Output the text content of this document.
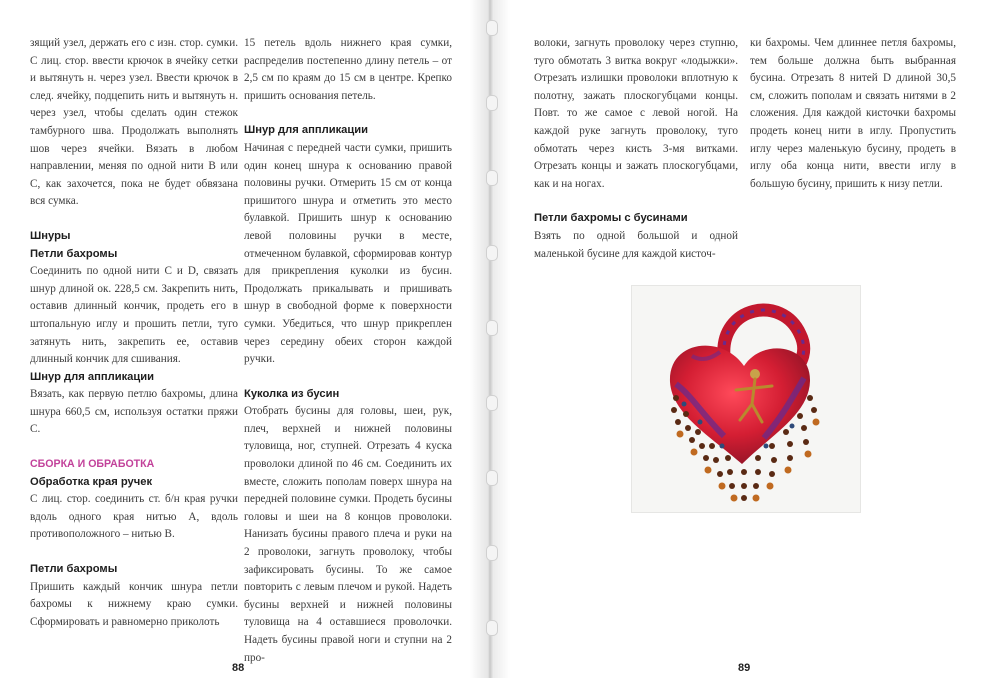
зящий узел, держать его с изн. стор. сумки. С лиц. стор. ввести крючок в ячейку сетки и вытянуть н. через узел. Ввести крючок в след. ячейку, подцепить нить и вытянуть н. через узел, чтобы сделать один стежок тамбурного шва. Продолжать выполнять шов через ячейки. Вязать в любом направлении, меняя по одной нити B или C, как захочется, пока не будет обвязана вся сумка.

Шнуры

Петли бахромы

Соединить по одной нити C и D, связать шнур длиной ок. 228,5 см. Закрепить нить, оставив длинный кончик, продеть его в штопальную иглу и прошить петли, туго затянуть нить, закрепить ее, оставив длинный кончик для сшивания.

Шнур для аппликации

Вязать, как первую петлю бахромы, длина шнура 660,5 см, используя остатки пряжи C.

СБОРКА И ОБРАБОТКА

Обработка края ручек

С лиц. стор. соединить ст. б/н края ручки вдоль одного края нитью A, вдоль противоположного – нитью B.

Петли бахромы

Пришить каждый кончик шнура петли бахромы к нижнему краю сумки. Сформировать и равномерно приколоть

15 петель вдоль нижнего края сумки, распределив постепенно длину петель – от 2,5 см по краям до 15 см в центре. Крепко пришить основания петель.

Шнур для аппликации

Начиная с передней части сумки, пришить один конец шнура к основанию правой половины ручки. Отмерить 15 см от конца пришитого шнура и отметить это место булавкой. Пришить шнур к основанию левой половины ручки в месте, отмеченном булавкой, сформировав контур для прикрепления куколки из бусин. Продолжать прикалывать и пришивать шнур в свободной форме к поверхности сумки. Убедиться, что шнур прикреплен через середину обеих сторон каждой ручки.

Куколка из бусин

Отобрать бусины для головы, шеи, рук, плеч, верхней и нижней половины туловища, ног, ступней. Отрезать 4 куска проволоки длиной по 46 см. Соединить их вместе, сложить пополам поверх шнура на передней половине сумки. Продеть бусины головы и шеи на 8 концов проволоки. Нанизать бусины правого плеча и руки на 2 проволоки, загнуть проволоку, чтобы зафиксировать бусины. То же самое повторить с левым плечом и рукой. Надеть бусины верхней и нижней половины туловища на 4 оставшиеся проволочки. Надеть бусины правой ноги и ступни на 2 про-

88

волоки, загнуть проволоку через ступню, туго обмотать 3 витка вокруг «лодыжки». Отрезать излишки проволоки вплотную к полотну, зажать плоскогубцами концы. Повт. то же самое с левой ногой. На каждой руке загнуть проволоку, туго обмотать через кисть 3-мя витками. Отрезать концы и зажать плоскогубцами, как и на ногах.

Петли бахромы с бусинами

Взять по одной большой и одной маленькой бусине для каждой кисточ-

ки бахромы. Чем длиннее петля бахромы, тем больше должна быть выбранная бусина. Отрезать 8 нитей D длиной 30,5 см, сложить пополам и связать нитями в 2 сложения. Для каждой кисточки бахромы продеть конец нити в иглу. Пропустить иглу через маленькую бусину, продеть в иглу оба конца нити, ввести иглу в большую бусину, пришить к низу петли.

89
